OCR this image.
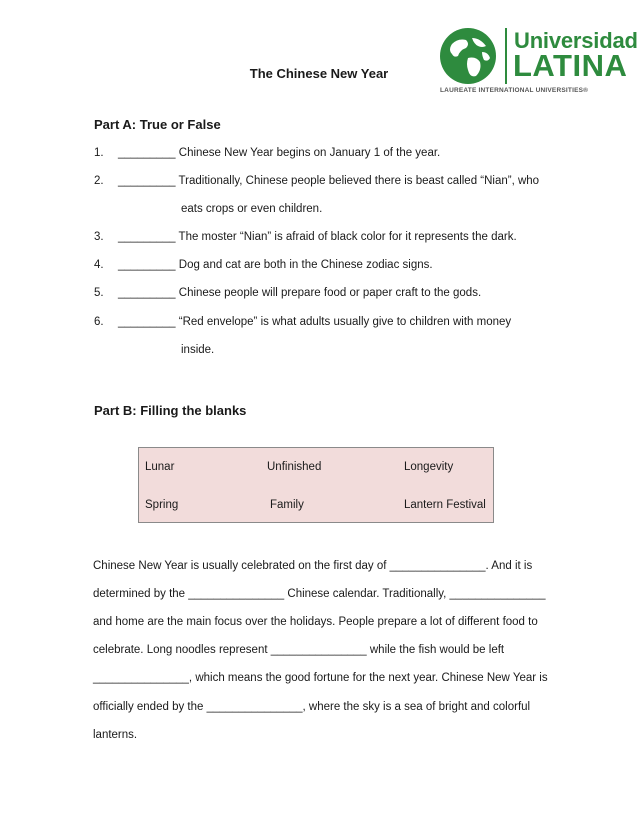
Universidad
LATINA
LAUREATE INTERNATIONAL UNIVERSITIES®
The Chinese New Year
Part A: True or False
1. _________ Chinese New Year begins on January 1 of the year.
2. _________ Traditionally, Chinese people believed there is beast called “Nian”, who
eats crops or even children.
3. _________ The moster “Nian” is afraid of black color for it represents the dark.
4. _________ Dog and cat are both in the Chinese zodiac signs.
5. _________ Chinese people will prepare food or paper craft to the gods.
6. _________ “Red envelope” is what adults usually give to children with money
inside.
Part B: Filling the blanks
Lunar	Unfinished	Longevity
Spring	Family	Lantern Festival
Chinese New Year is usually celebrated on the first day of _______________. And it is
determined by the _______________ Chinese calendar. Traditionally, _______________
and home are the main focus over the holidays. People prepare a lot of different food to
celebrate. Long noodles represent _______________ while the fish would be left
_______________, which means the good fortune for the next year. Chinese New Year is
officially ended by the _______________, where the sky is a sea of bright and colorful
lanterns.
